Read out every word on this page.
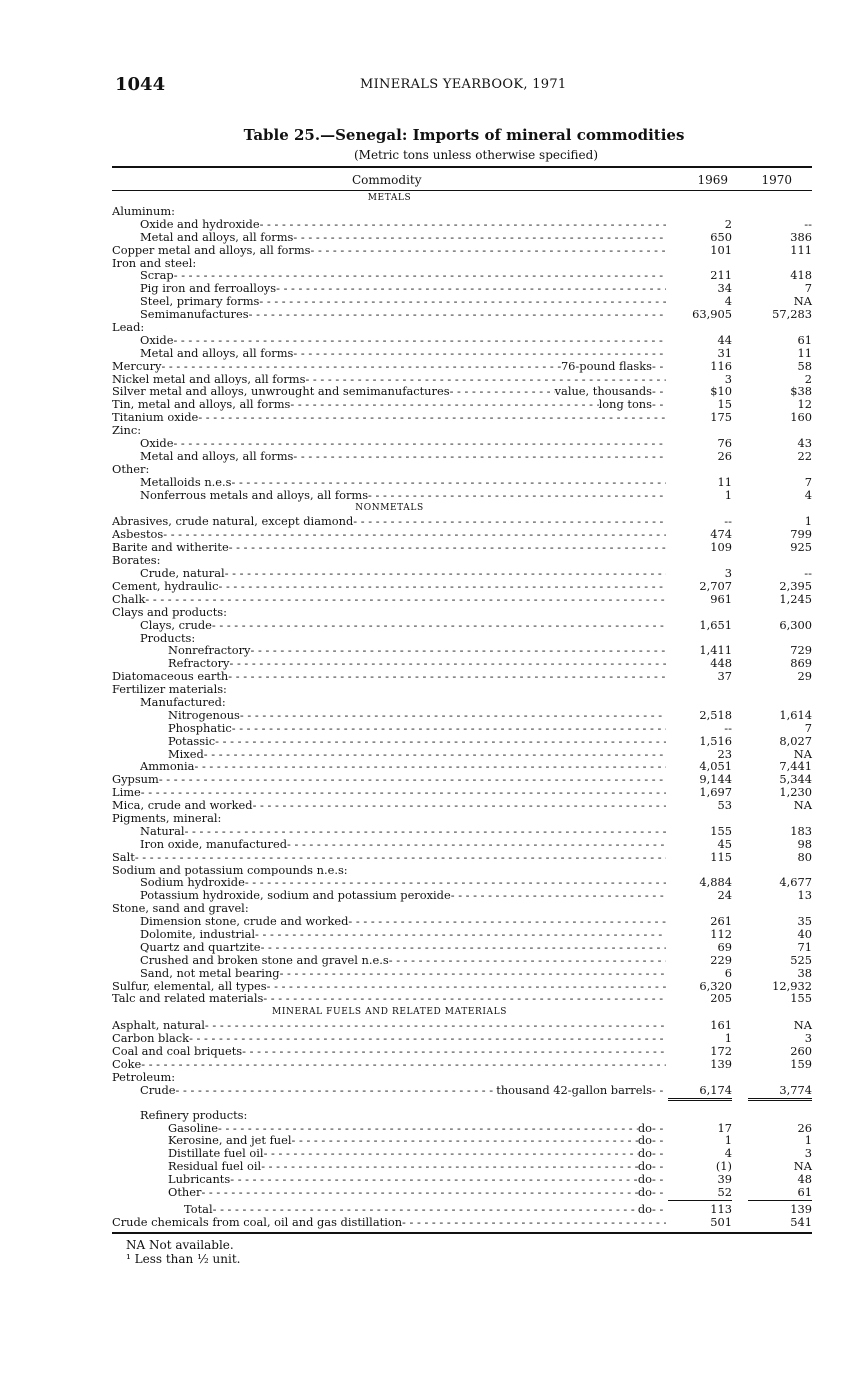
1044	MINERALS YEARBOOK, 1971
Table 25.—Senegal: Imports of mineral commodities
(Metric tons unless otherwise specified)
Commodity	1969	1970
METALS
Aluminum:
Oxide and hydroxide - - -	2	--
Metal and alloys, all forms - - -	650	386
Copper metal and alloys, all forms - - -	101	111
Iron and steel:
Scrap - - -	211	418
Pig iron and ferroalloys - - -	34	7
Steel, primary forms - - -	4	NA
Semimanufactures - - -	63,905	57,283
Lead:
Oxide - - -	44	61
Metal and alloys, all forms - - -	31	11
Mercury - - -	76-pound flasks - - -	116	58
Nickel metal and alloys, all forms - - -	3	2
Silver metal and alloys, unwrought and semimanufactures - - -	value, thousands - - -	$10	$38
Tin, metal and alloys, all forms - - -	long tons - - -	15	12
Titanium oxide - - -	175	160
Zinc:
Oxide - - -	76	43
Metal and alloys, all forms - - -	26	22
Other:
Metalloids n.e.s - - -	11	7
Nonferrous metals and alloys, all forms - - -	1	4
NONMETALS
Abrasives, crude natural, except diamond - - -	--	1
Asbestos - - -	474	799
Barite and witherite - - -	109	925
Borates:
Crude, natural - - -	3	--
Cement, hydraulic - - -	2,707	2,395
Chalk - - -	961	1,245
Clays and products:
Clays, crude - - -	1,651	6,300
Products:
Nonrefractory - - -	1,411	729
Refractory - - -	448	869
Diatomaceous earth - - -	37	29
Fertilizer materials:
Manufactured:
Nitrogenous - - -	2,518	1,614
Phosphatic - - -	--	7
Potassic - - -	1,516	8,027
Mixed - - -	23	NA
Ammonia - - -	4,051	7,441
Gypsum - - -	9,144	5,344
Lime - - -	1,697	1,230
Mica, crude and worked - - -	53	NA
Pigments, mineral:
Natural - - -	155	183
Iron oxide, manufactured - - -	45	98
Salt - - -	115	80
Sodium and potassium compounds n.e.s:
Sodium hydroxide - - -	4,884	4,677
Potassium hydroxide, sodium and potassium peroxide - - -	24	13
Stone, sand and gravel:
Dimension stone, crude and worked - - -	261	35
Dolomite, industrial - - -	112	40
Quartz and quartzite - - -	69	71
Crushed and broken stone and gravel n.e.s - - -	229	525
Sand, not metal bearing - - -	6	38
Sulfur, elemental, all types - - -	6,320	12,932
Talc and related materials - - -	205	155
MINERAL FUELS AND RELATED MATERIALS
Asphalt, natural - - -	161	NA
Carbon black - - -	1	3
Coal and coal briquets - - -	172	260
Coke - - -	139	159
Petroleum:
Crude - - -	thousand 42-gallon barrels - - -	6,174	3,774
Refinery products:
Gasoline - - -	do - - -	17	26
Kerosine, and jet fuel - - -	do - - -	1	1
Distillate fuel oil - - -	do - - -	4	3
Residual fuel oil - - -	do - - -	(1)	NA
Lubricants - - -	do - - -	39	48
Other - - -	do - - -	52	61
Total - - -	do - - -	113	139
Crude chemicals from coal, oil and gas distillation - - -	501	541
NA Not available.
¹ Less than ½ unit.
